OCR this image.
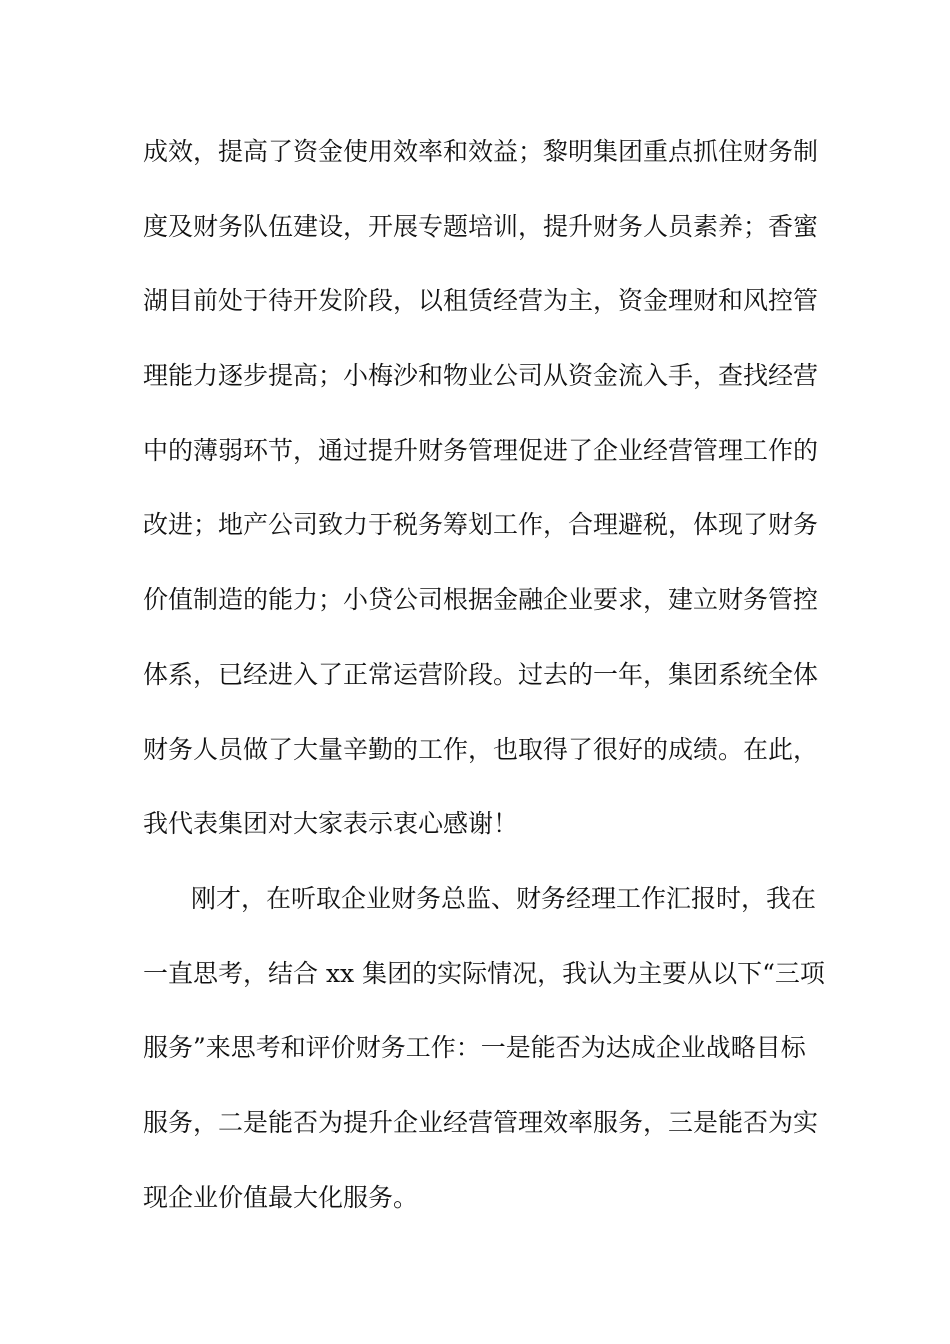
成效，提高了资金使用效率和效益；黎明集团重点抓住财务制
度及财务队伍建设，开展专题培训，提升财务人员素养；香蜜
湖目前处于待开发阶段，以租赁经营为主，资金理财和风控管
理能力逐步提高；小梅沙和物业公司从资金流入手，查找经营
中的薄弱环节，通过提升财务管理促进了企业经营管理工作的
改进；地产公司致力于税务筹划工作，合理避税，体现了财务
价值制造的能力；小贷公司根据金融企业要求，建立财务管控
体系，已经进入了正常运营阶段。过去的一年，集团系统全体
财务人员做了大量辛勤的工作，也取得了很好的成绩。在此，
我代表集团对大家表示衷心感谢！
刚才，在听取企业财务总监、财务经理工作汇报时，我在
一直思考，结合 xx 集团的实际情况，我认为主要从以下“三项
服务”来思考和评价财务工作：一是能否为达成企业战略目标
服务，二是能否为提升企业经营管理效率服务，三是能否为实
现企业价值最大化服务。
